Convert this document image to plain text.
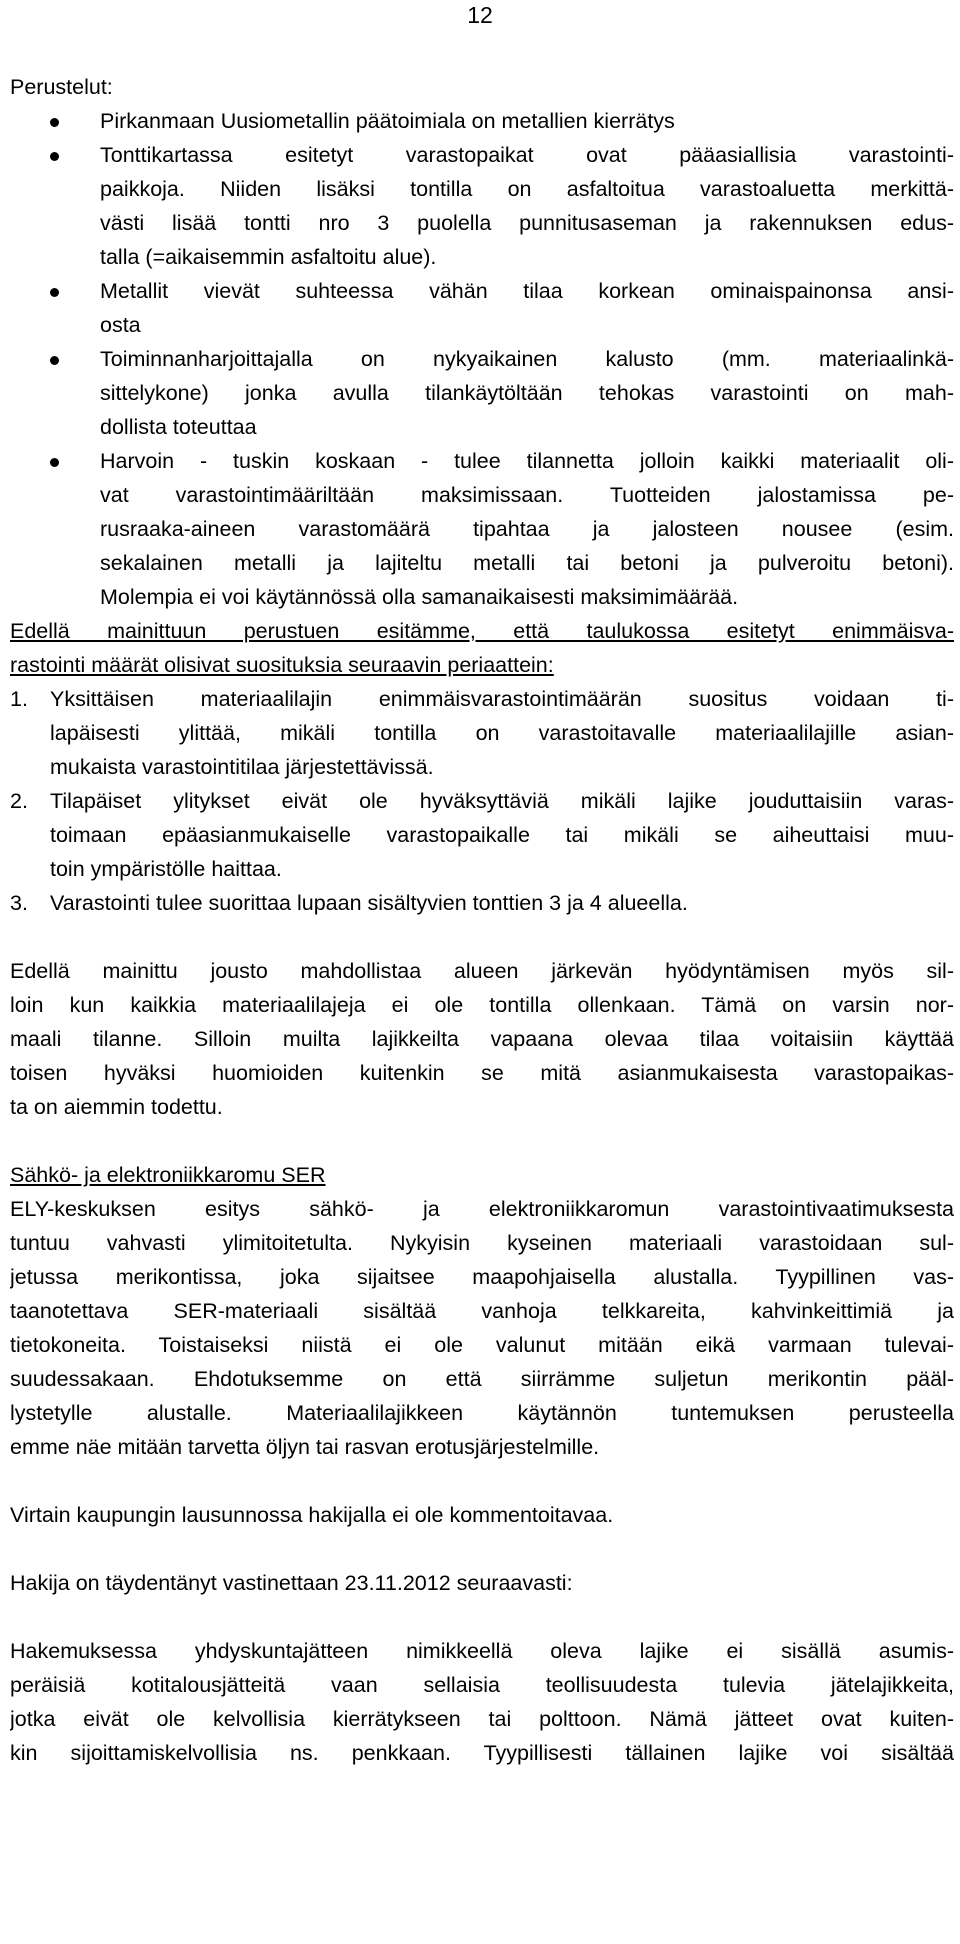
12
Perustelut:
Pirkanmaan Uusiometallin päätoimiala on metallien kierrätys
Tonttikartassa esitetyt varastopaikat ovat pääasiallisia varastointi-
paikkoja. Niiden lisäksi tontilla on asfaltoitua varastoaluetta merkittä-
västi lisää tontti nro 3 puolella punnitusaseman ja rakennuksen edus-
talla (=aikaisemmin asfaltoitu alue).
Metallit vievät suhteessa vähän tilaa korkean ominaispainonsa ansi-
osta
Toiminnanharjoittajalla on nykyaikainen kalusto (mm. materiaalinkä-
sittelykone) jonka avulla tilankäytöltään tehokas varastointi on mah-
dollista toteuttaa
Harvoin - tuskin koskaan - tulee tilannetta jolloin kaikki materiaalit oli-
vat varastointimääriltään maksimissaan. Tuotteiden jalostamissa pe-
rusraaka-aineen varastomäärä tipahtaa ja jalosteen nousee (esim.
sekalainen metalli ja lajiteltu metalli tai betoni ja pulveroitu betoni).
Molempia ei voi käytännössä olla samanaikaisesti maksimimäärää.
Edellä mainittuun perustuen esitämme, että taulukossa esitetyt enimmäisva-
rastointi määrät olisivat suosituksia seuraavin periaattein:
1. Yksittäisen materiaalilajin enimmäisvarastointimäärän suositus voidaan ti-
lapäisesti ylittää, mikäli tontilla on varastoitavalle materiaalilajille asian-
mukaista varastointitilaa järjestettävissä.
2. Tilapäiset ylitykset eivät ole hyväksyttäviä mikäli lajike jouduttaisiin varas-
toimaan epäasianmukaiselle varastopaikalle tai mikäli se aiheuttaisi muu-
toin ympäristölle haittaa.
3. Varastointi tulee suorittaa lupaan sisältyvien tonttien 3 ja 4 alueella.
Edellä mainittu jousto mahdollistaa alueen järkevän hyödyntämisen myös sil-
loin kun kaikkia materiaalilajeja ei ole tontilla ollenkaan. Tämä on varsin nor-
maali tilanne. Silloin muilta lajikkeilta vapaana olevaa tilaa voitaisiin käyttää
toisen hyväksi huomioiden kuitenkin se mitä asianmukaisesta varastopaikas-
ta on aiemmin todettu.
Sähkö- ja elektroniikkaromu SER
ELY-keskuksen esitys sähkö- ja elektroniikkaromun varastointivaatimuksesta
tuntuu vahvasti ylimitoitetulta. Nykyisin kyseinen materiaali varastoidaan sul-
jetussa merikontissa, joka sijaitsee maapohjaisella alustalla. Tyypillinen vas-
taanotettava SER-materiaali sisältää vanhoja telkkareita, kahvinkeittimiä ja
tietokoneita. Toistaiseksi niistä ei ole valunut mitään eikä varmaan tulevai-
suudessakaan. Ehdotuksemme on että siirrämme suljetun merikontin pääl-
lystetylle alustalle. Materiaalilajikkeen käytännön tuntemuksen perusteella
emme näe mitään tarvetta öljyn tai rasvan erotusjärjestelmille.
Virtain kaupungin lausunnossa hakijalla ei ole kommentoitavaa.
Hakija on täydentänyt vastinettaan 23.11.2012 seuraavasti:
Hakemuksessa yhdyskuntajätteen nimikkeellä oleva lajike ei sisällä asumis-
peräisiä kotitalousjätteitä vaan sellaisia teollisuudesta tulevia jätelajikkeita,
jotka eivät ole kelvollisia kierrätykseen tai polttoon. Nämä jätteet ovat kuiten-
kin sijoittamiskelvollisia ns. penkkaan. Tyypillisesti tällainen lajike voi sisältää
